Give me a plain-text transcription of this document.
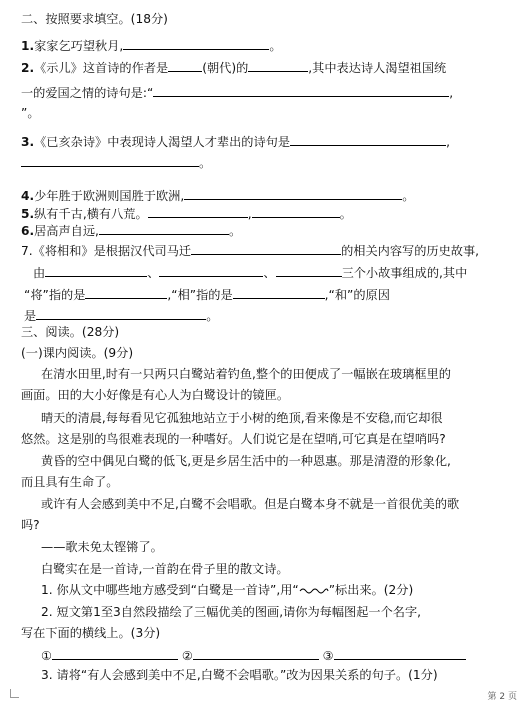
二、按照要求填空。(18分)
1.家家乞巧望秋月,	。
2.《示儿》这首诗的作者是	(朝代)的	,其中表达诗人渴望祖国统
一的爱国之情的诗句是:“	,
”。
3.《已亥杂诗》中表现诗人渴望人才辈出的诗句是	,
。
4.少年胜于欧洲则国胜于欧洲,	。
5.纵有千古,横有八荒。	,	。
6.居高声自远,	。
7.《将相和》是根据汉代司马迁	的相关内容写的历史故事,
由	、	、	三个小故事组成的,其中
“将”指的是	,“相”指的是	,“和”的原因
是	。
三、阅读。(28分)
(一)课内阅读。(9分)
在清水田里,时有一只两只白鹭站着钓鱼,整个的田便成了一幅嵌在玻璃框里的
画面。田的大小好像是有心人为白鹭设计的镜匣。
晴天的清晨,每每看见它孤独地站立于小树的绝顶,看来像是不安稳,而它却很
悠然。这是别的鸟很难表现的一种嗜好。人们说它是在望哨,可它真是在望哨吗?
黄昏的空中偶见白鹭的低飞,更是乡居生活中的一种恩惠。那是清澄的形象化,
而且具有生命了。
或许有人会感到美中不足,白鹭不会唱歌。但是白鹭本身不就是一首很优美的歌
吗?
——歌未免太铿锵了。
白鹭实在是一首诗,一首韵在骨子里的散文诗。
1. 你从文中哪些地方感受到“白鹭是一首诗”,用“ ”标出来。(2分)
2. 短文第1至3自然段描绘了三幅优美的图画,请你为每幅图起一个名字,
写在下面的横线上。(3分)
①	②	③
3. 请将“有人会感到美中不足,白鹭不会唱歌。”改为因果关系的句子。(1分)
第 2 页
